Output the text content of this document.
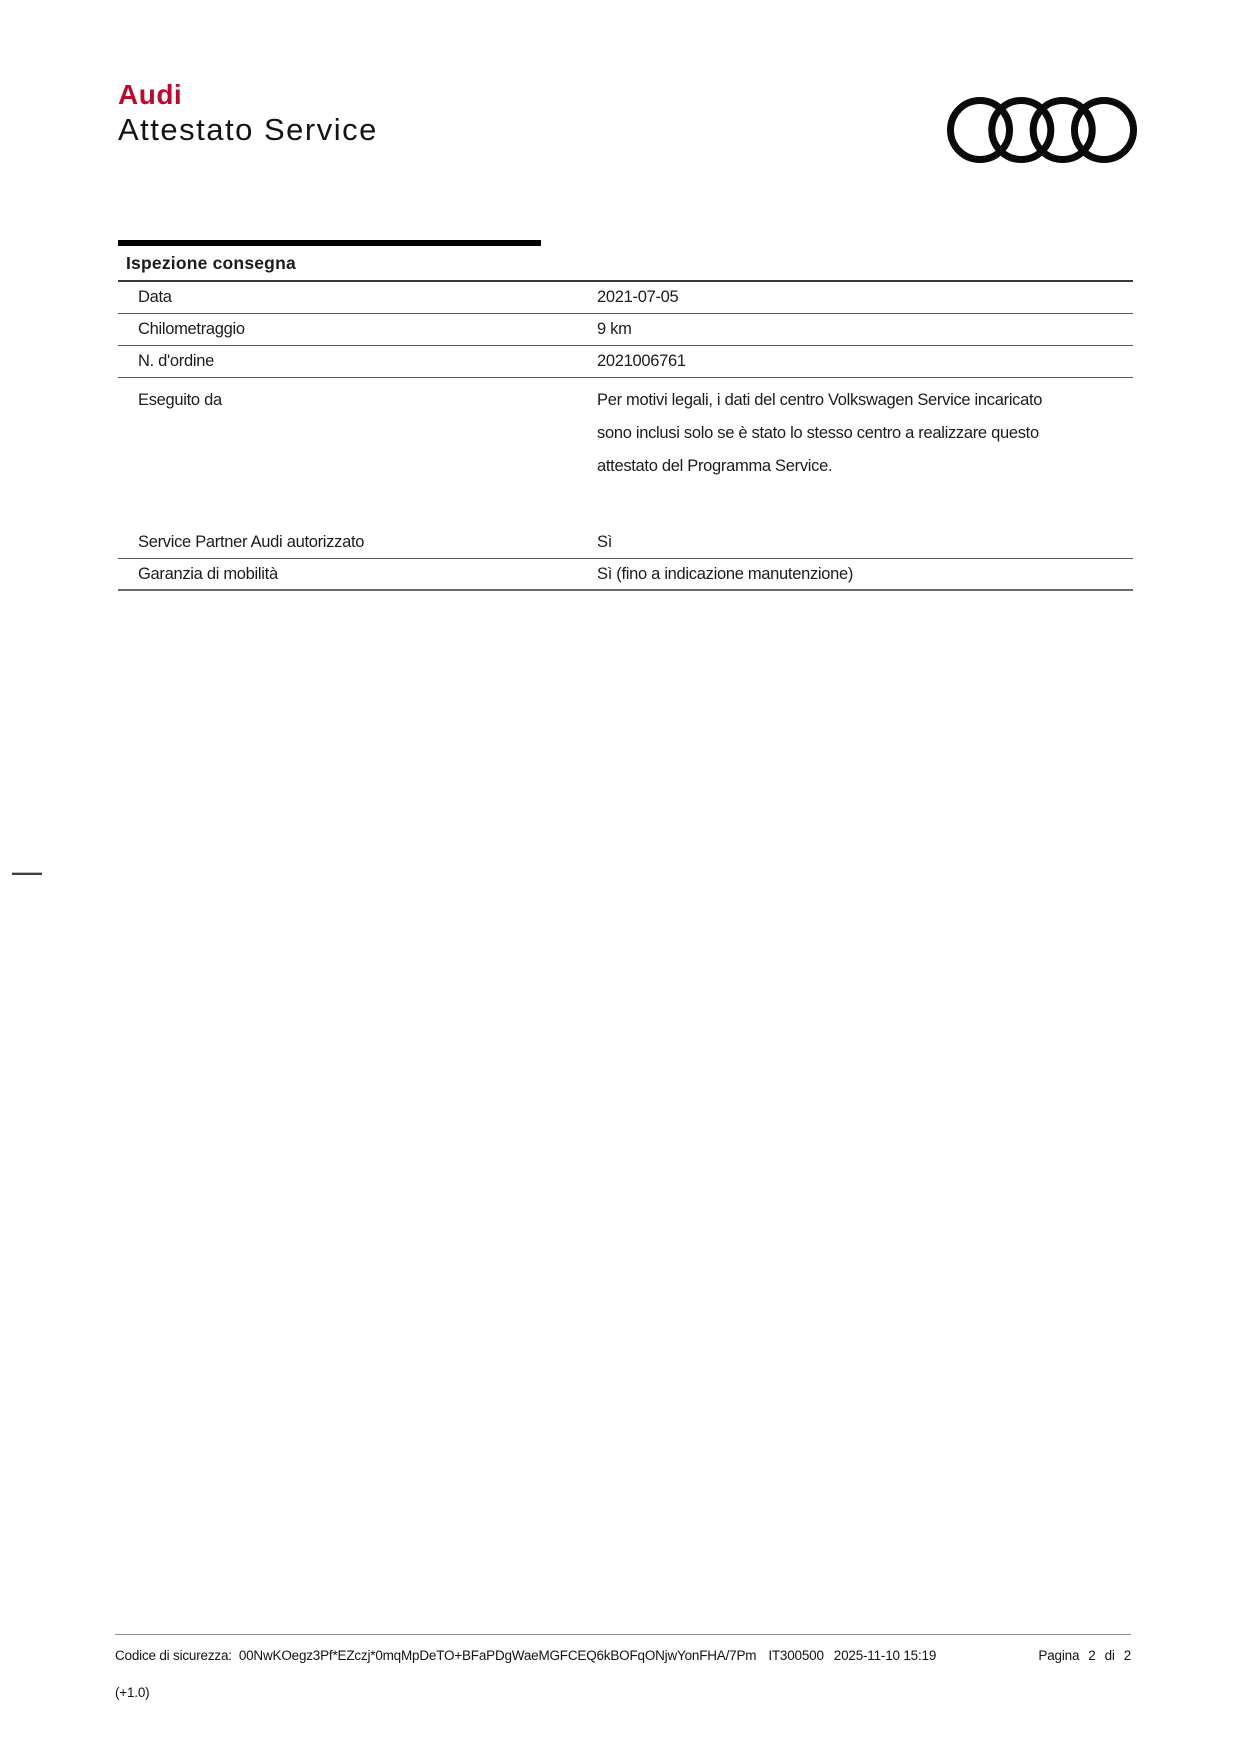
Audi
Attestato Service
Ispezione consegna
Data	2021-07-05
Chilometraggio	9 km
N. d'ordine	2021006761
Eseguito da	Per motivi legali, i dati del centro Volkswagen Service incaricato
sono inclusi solo se è stato lo stesso centro a realizzare questo
attestato del Programma Service.
Service Partner Audi autorizzato	Sì
Garanzia di mobilità	Sì (fino a indicazione manutenzione)
Codice di sicurezza: 00NwKOegz3Pf*EZczj*0mqMpDeTO+BFaPDgWaeMGFCEQ6kBOFqONjwYonFHA/7Pm IT300500 2025-11-10 15:19	Pagina 2 di 2
(+1.0)
